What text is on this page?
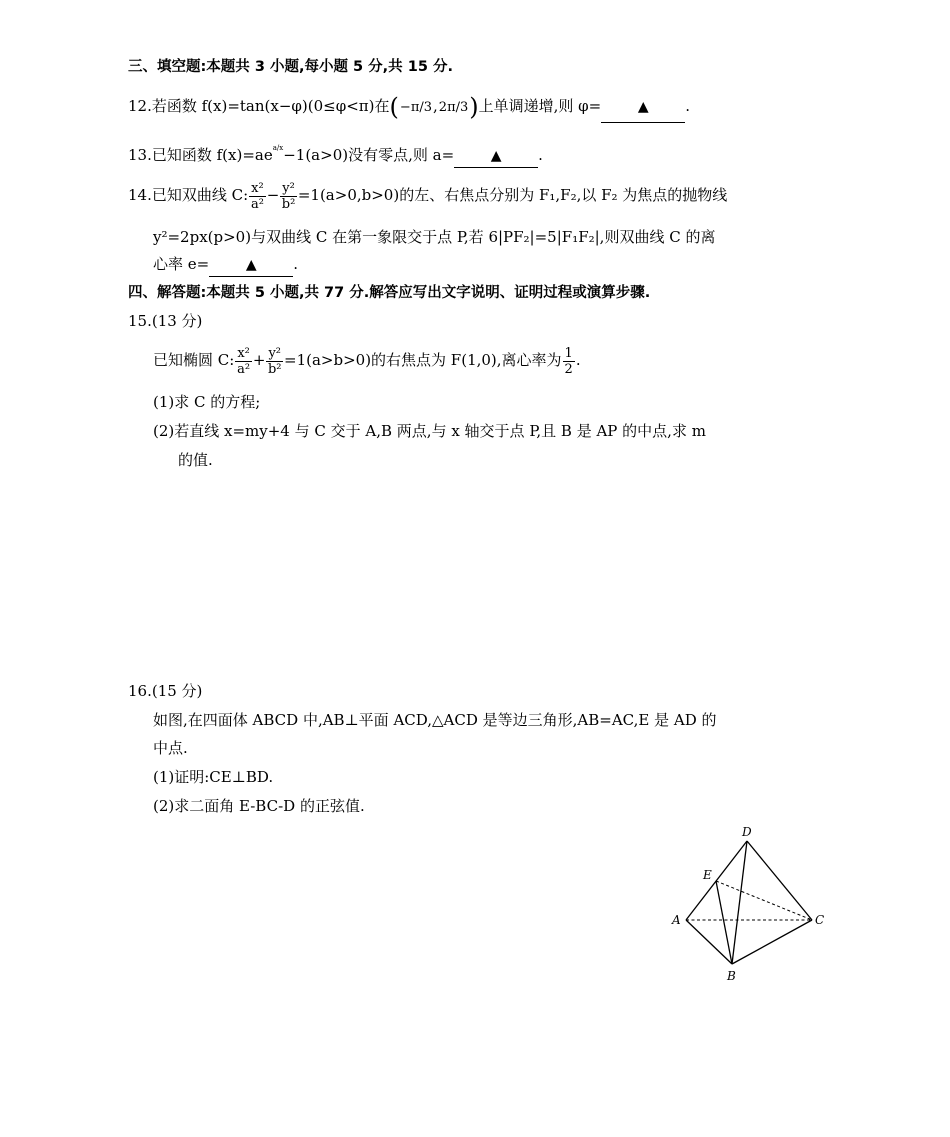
三、填空题:本题共 3 小题,每小题 5 分,共 15 分.
12.若函数 f(x)=tan(x−φ)(0≤φ<π)在( −π/3 , 2π/3 )上单调递增,则 φ=	▲ .
13.已知函数 $f(x)=ae^{a/x}-1(a>0)$没有零点,则 a=	▲ .
14.已知双曲线 C: $\frac{\text{x²}}{\text{a²}} - \frac{\text{y²}}{\text{b²}} =1(a>0,b>0)$的左、右焦点分别为 F₁,F₂,以 F₂ 为焦点的抛物线
y²=2px(p>0)与双曲线 C 在第一象限交于点 P,若 6|PF₂|=5|F₁F₂|,则双曲线 C 的离
心率 e=	▲ .
四、解答题:本题共 5 小题,共 77 分.解答应写出文字说明、证明过程或演算步骤.
15.(13 分)
已知椭圆 C: $\frac{\text{x²}}{\text{a²}} + \frac{\text{y²}}{\text{b²}} =1(a>b>0)$的右焦点为 F(1,0),离心率为 $\frac{1}{2}$ .
(1)求 C 的方程;
(2)若直线 x=my+4 与 C 交于 A,B 两点,与 x 轴交于点 P,且 B 是 AP 的中点,求 m
的值.
16.(15 分)
如图,在四面体 ABCD 中,AB⊥平面 ACD,△ACD 是等边三角形,AB=AC,E 是 AD 的
中点.
(1)证明:CE⊥BD.
(2)求二面角 E-BC-D 的正弦值.
D
E
A	C
B
